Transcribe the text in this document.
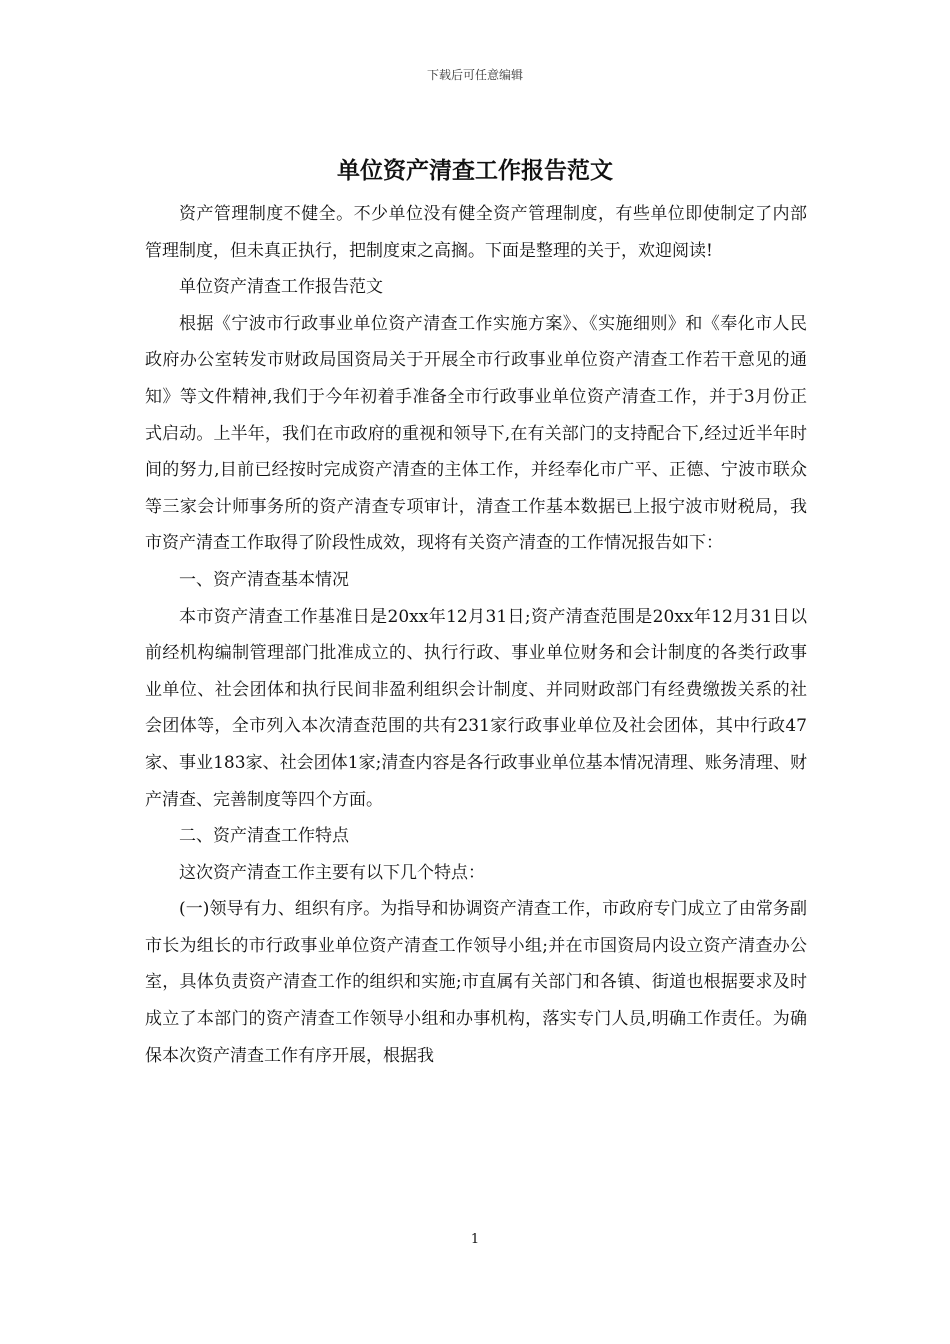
下载后可任意编辑
单位资产清查工作报告范文

资产管理制度不健全。不少单位没有健全资产管理制度，有些单位即使制定了内部管理制度，但未真正执行，把制度束之高搁。下面是整理的关于，欢迎阅读!

单位资产清查工作报告范文

根据《宁波市行政事业单位资产清查工作实施方案》、《实施细则》和《奉化市人民政府办公室转发市财政局国资局关于开展全市行政事业单位资产清查工作若干意见的通知》等文件精神,我们于今年初着手准备全市行政事业单位资产清查工作，并于3月份正式启动。上半年，我们在市政府的重视和领导下,在有关部门的支持配合下,经过近半年时间的努力,目前已经按时完成资产清查的主体工作，并经奉化市广平、正德、宁波市联众等三家会计师事务所的资产清查专项审计，清查工作基本数据已上报宁波市财税局，我市资产清查工作取得了阶段性成效，现将有关资产清查的工作情况报告如下：

一、资产清查基本情况

本市资产清查工作基准日是20xx年12月31日;资产清查范围是20xx年12月31日以前经机构编制管理部门批准成立的、执行行政、事业单位财务和会计制度的各类行政事业单位、社会团体和执行民间非盈利组织会计制度、并同财政部门有经费缴拨关系的社会团体等，全市列入本次清查范围的共有231家行政事业单位及社会团体，其中行政47家、事业183家、社会团体1家;清查内容是各行政事业单位基本情况清理、账务清理、财产清查、完善制度等四个方面。

二、资产清查工作特点

这次资产清查工作主要有以下几个特点：

(一)领导有力、组织有序。为指导和协调资产清查工作，市政府专门成立了由常务副市长为组长的市行政事业单位资产清查工作领导小组;并在市国资局内设立资产清查办公室，具体负责资产清查工作的组织和实施;市直属有关部门和各镇、街道也根据要求及时成立了本部门的资产清查工作领导小组和办事机构，落实专门人员,明确工作责任。为确保本次资产清查工作有序开展，根据我

1
